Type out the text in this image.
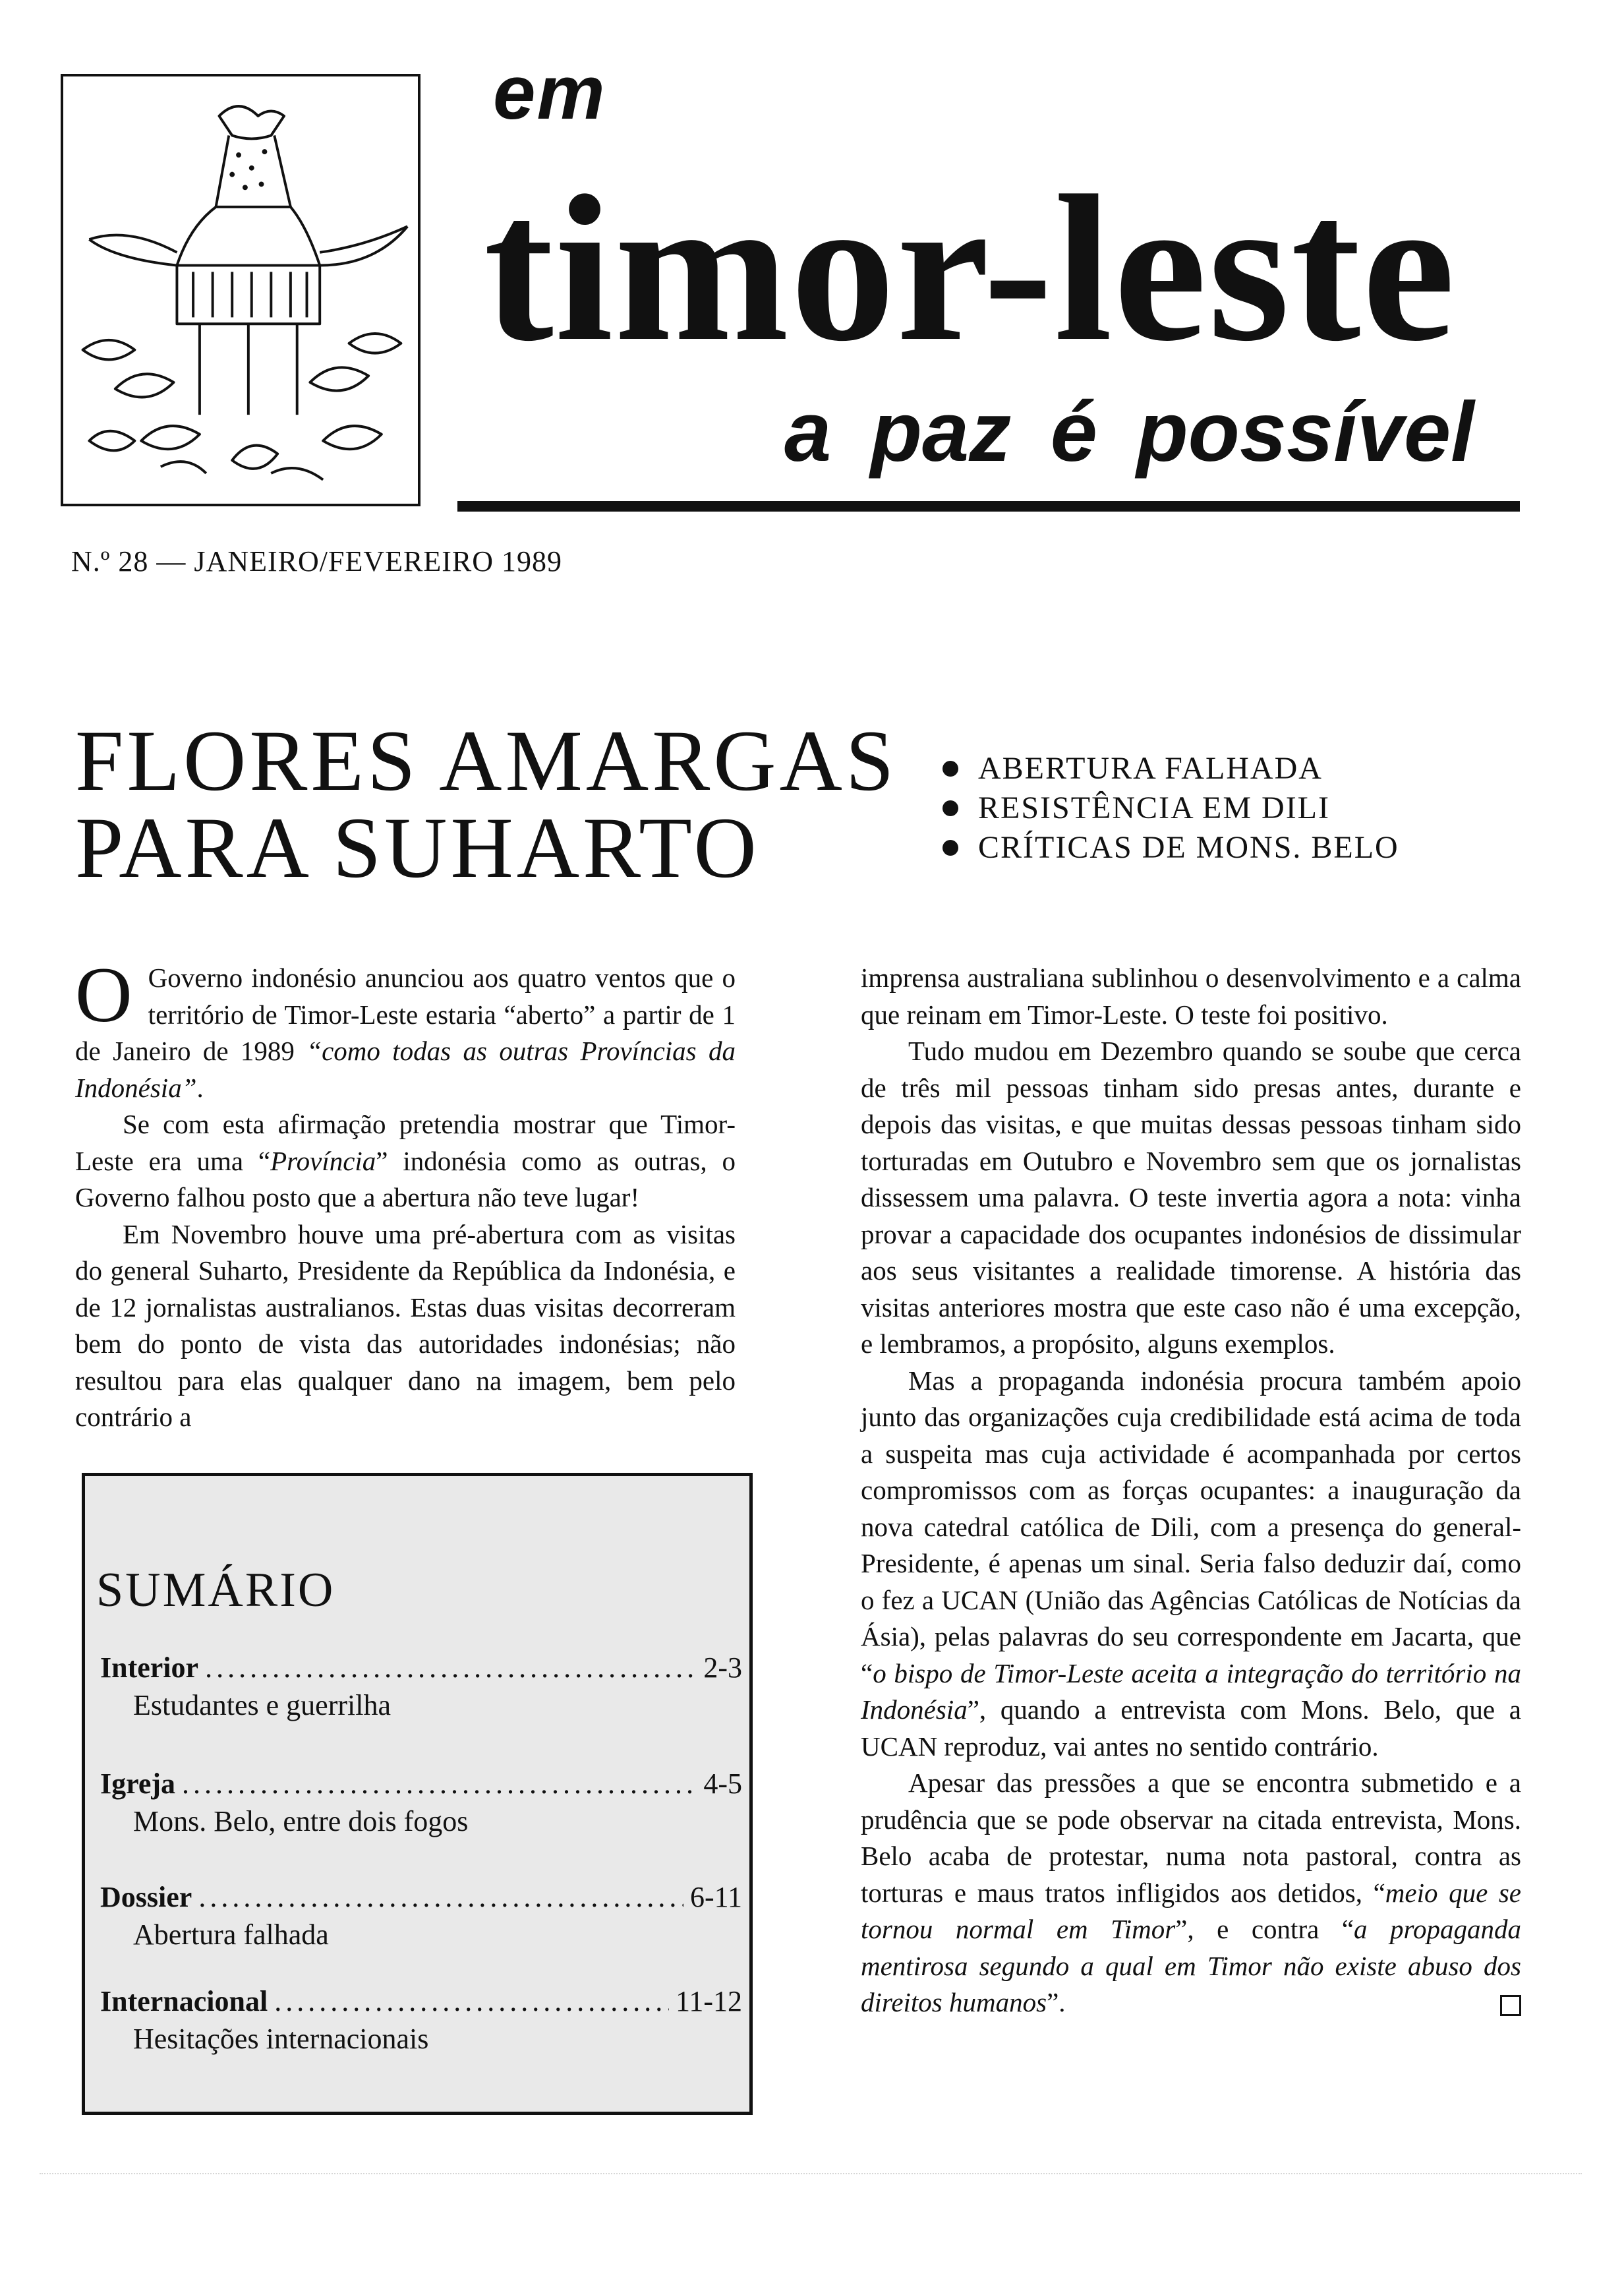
em
timor-leste
a paz é possível
N.º 28 — JANEIRO/FEVEREIRO 1989
FLORES AMARGAS
PARA SUHARTO
ABERTURA FALHADA
RESISTÊNCIA EM DILI
CRÍTICAS DE MONS. BELO

O Governo indonésio anunciou aos quatro ventos que o território de Timor-Leste estaria “aberto” a partir de 1 de Janeiro de 1989 “como todas as outras Províncias da Indonésia”.

Se com esta afirmação pretendia mostrar que Timor-Leste era uma “Província” indonésia como as outras, o Governo falhou posto que a abertura não teve lugar!

Em Novembro houve uma pré-abertura com as visitas do general Suharto, Presidente da República da Indonésia, e de 12 jornalistas australianos. Estas duas visitas decorreram bem do ponto de vista das autoridades indonésias; não resultou para elas qualquer dano na imagem, bem pelo contrário a

imprensa australiana sublinhou o desenvolvimento e a calma que reinam em Timor-Leste. O teste foi positivo.

Tudo mudou em Dezembro quando se soube que cerca de três mil pessoas tinham sido presas antes, durante e depois das visitas, e que muitas dessas pessoas tinham sido torturadas em Outubro e Novembro sem que os jornalistas dissessem uma palavra. O teste invertia agora a nota: vinha provar a capacidade dos ocupantes indonésios de dissimular aos seus visitantes a realidade timorense. A história das visitas anteriores mostra que este caso não é uma excepção, e lembramos, a propósito, alguns exemplos.

Mas a propaganda indonésia procura também apoio junto das organizações cuja credibilidade está acima de toda a suspeita mas cuja actividade é acompanhada por certos compromissos com as forças ocupantes: a inauguração da nova catedral católica de Dili, com a presença do general-Presidente, é apenas um sinal. Seria falso deduzir daí, como o fez a UCAN (União das Agências Católicas de Notícias da Ásia), pelas palavras do seu correspondente em Jacarta, que “o bispo de Timor-Leste aceita a integração do território na Indonésia”, quando a entrevista com Mons. Belo, que a UCAN reproduz, vai antes no sentido contrário.

Apesar das pressões a que se encontra submetido e a prudência que se pode observar na citada entrevista, Mons. Belo acaba de protestar, numa nota pastoral, contra as torturas e maus tratos infligidos aos detidos, “meio que se tornou normal em Timor”, e contra “a propaganda mentirosa segundo a qual em Timor não existe abuso dos direitos humanos”.

SUMÁRIO
Interior .....	2-3
Estudantes e guerrilha
Igreja .....	4-5
Mons. Belo, entre dois fogos
Dossier .....	6-11
Abertura falhada
Internacional .....	11-12
Hesitações internacionais
